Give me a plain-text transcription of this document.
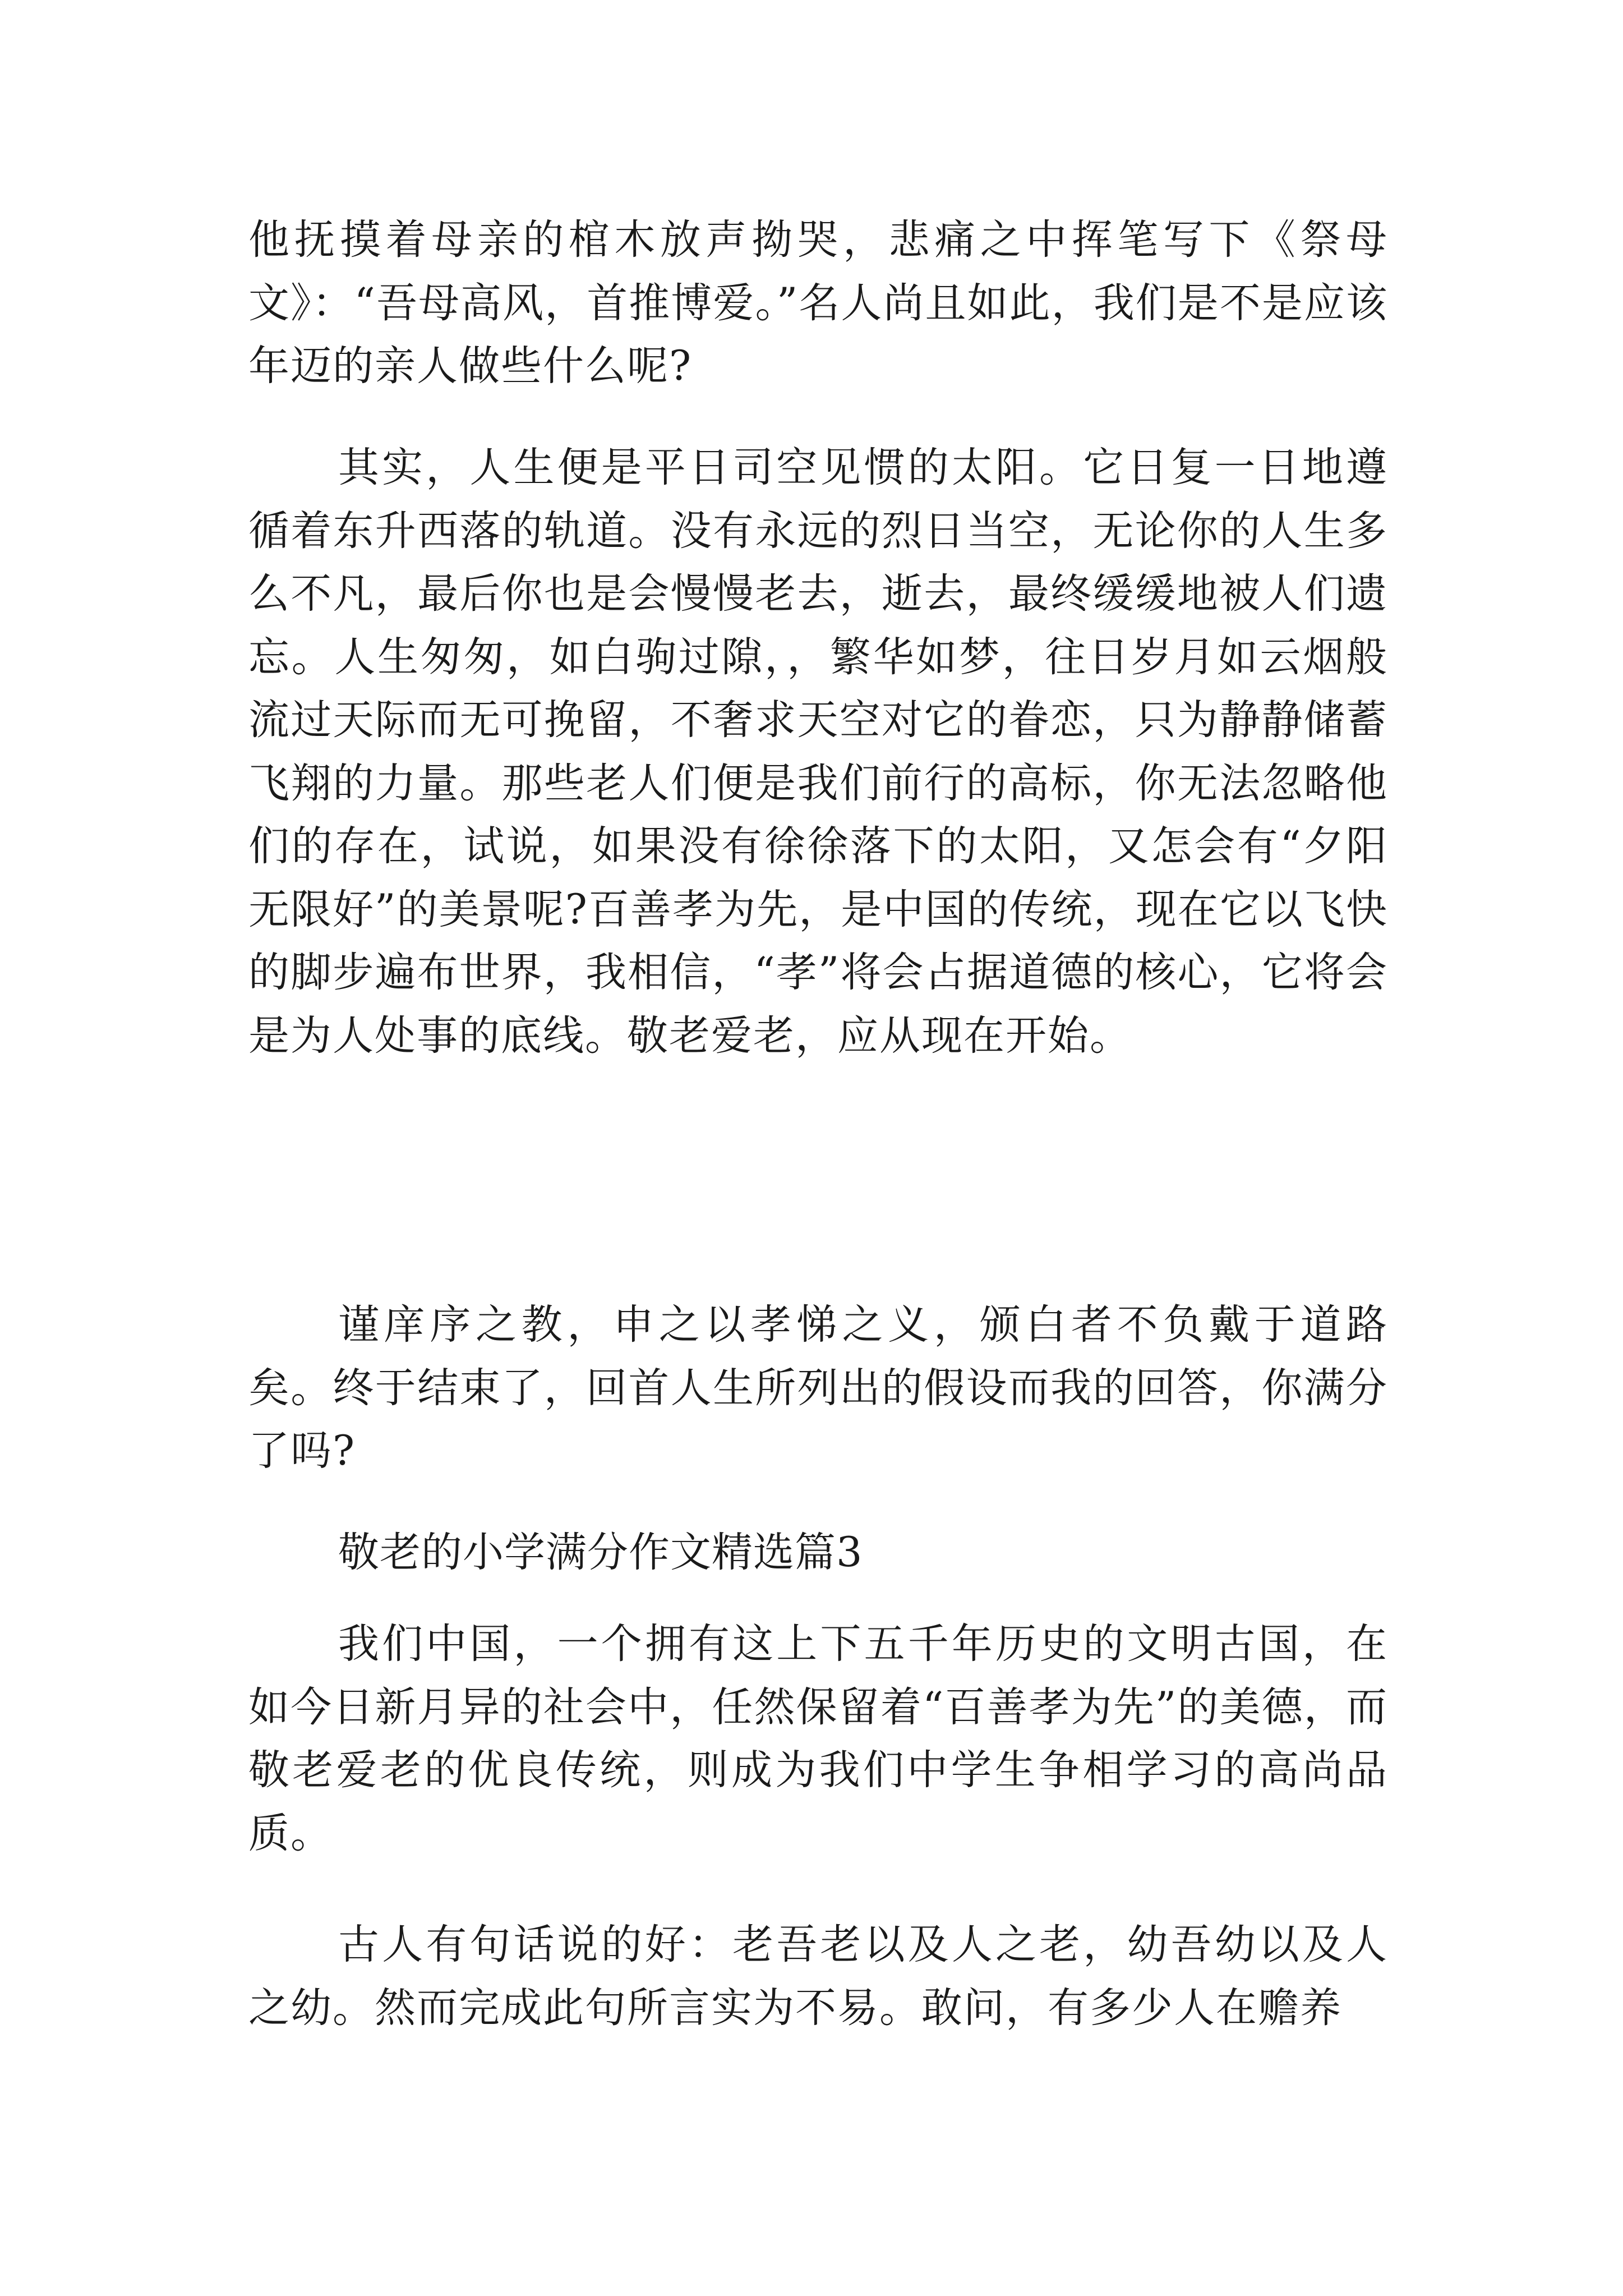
他抚摸着母亲的棺木放声拗哭，悲痛之中挥笔写下《祭母文》：“吾母高风，首推博爱。”名人尚且如此，我们是不是应该年迈的亲人做些什么呢?

其实，人生便是平日司空见惯的太阳。它日复一日地遵循着东升西落的轨道。没有永远的烈日当空，无论你的人生多么不凡，最后你也是会慢慢老去，逝去，最终缓缓地被人们遗忘。人生匆匆，如白驹过隙，，繁华如梦，往日岁月如云烟般流过天际而无可挽留，不奢求天空对它的眷恋，只为静静储蓄飞翔的力量。那些老人们便是我们前行的高标，你无法忽略他们的存在，试说，如果没有徐徐落下的太阳，又怎会有“夕阳无限好”的美景呢?百善孝为先，是中国的传统，现在它以飞快的脚步遍布世界，我相信，“孝”将会占据道德的核心，它将会是为人处事的底线。敬老爱老，应从现在开始。

谨庠序之教，申之以孝悌之义，颁白者不负戴于道路矣。终于结束了，回首人生所列出的假设而我的回答，你满分了吗?

敬老的小学满分作文精选篇3

我们中国，一个拥有这上下五千年历史的文明古国，在如今日新月异的社会中，任然保留着“百善孝为先”的美德，而敬老爱老的优良传统，则成为我们中学生争相学习的高尚品质。

古人有句话说的好：老吾老以及人之老，幼吾幼以及人之幼。然而完成此句所言实为不易。敢问，有多少人在赡养
